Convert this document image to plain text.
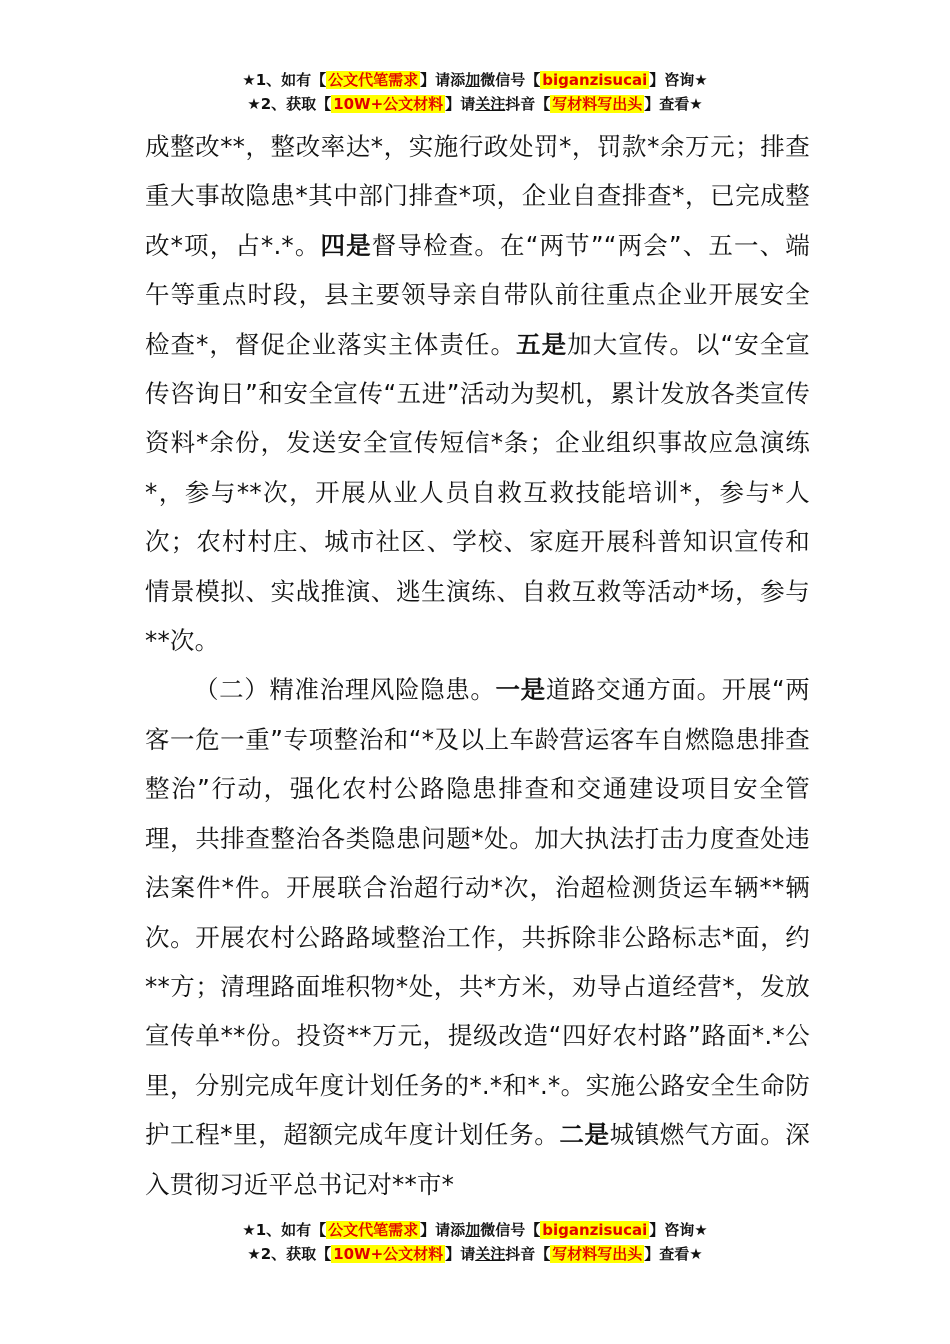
★1、如有【 公文代笔需求 】请添加微信号【 biganzisucai 】咨询★
★2、获取【 10W+公文材料 】请关注抖音【 写材料写出头 】查看★

成整改**，整改率达*，实施行政处罚*，罚款*余万元；排查重大事故隐患*其中部门排查*项，企业自查排查*，已完成整改*项，占*.*。四是督导检查。在“两节”“两会”、五一、端午等重点时段，县主要领导亲自带队前往重点企业开展安全检查*，督促企业落实主体责任。五是加大宣传。以“安全宣传咨询日”和安全宣传“五进”活动为契机，累计发放各类宣传资料*余份，发送安全宣传短信*条；企业组织事故应急演练*，参与**次，开展从业人员自救互救技能培训*，参与*人次；农村村庄、城市社区、学校、家庭开展科普知识宣传和情景模拟、实战推演、逃生演练、自救互救等活动*场，参与**次。

（二）精准治理风险隐患。一是道路交通方面。开展“两客一危一重”专项整治和“*及以上车龄营运客车自燃隐患排查整治”行动，强化农村公路隐患排查和交通建设项目安全管理，共排查整治各类隐患问题*处。加大执法打击力度查处违法案件*件。开展联合治超行动*次，治超检测货运车辆**辆次。开展农村公路路域整治工作，共拆除非公路标志*面，约**方；清理路面堆积物*处，共*方米，劝导占道经营*，发放宣传单**份。投资**万元，提级改造“四好农村路”路面*.*公里，分别完成年度计划任务的*.*和*.*。实施公路安全生命防护工程*里，超额完成年度计划任务。二是城镇燃气方面。深入贯彻习近平总书记对**市*

★1、如有【 公文代笔需求 】请添加微信号【 biganzisucai 】咨询★
★2、获取【 10W+公文材料 】请关注抖音【 写材料写出头 】查看★
